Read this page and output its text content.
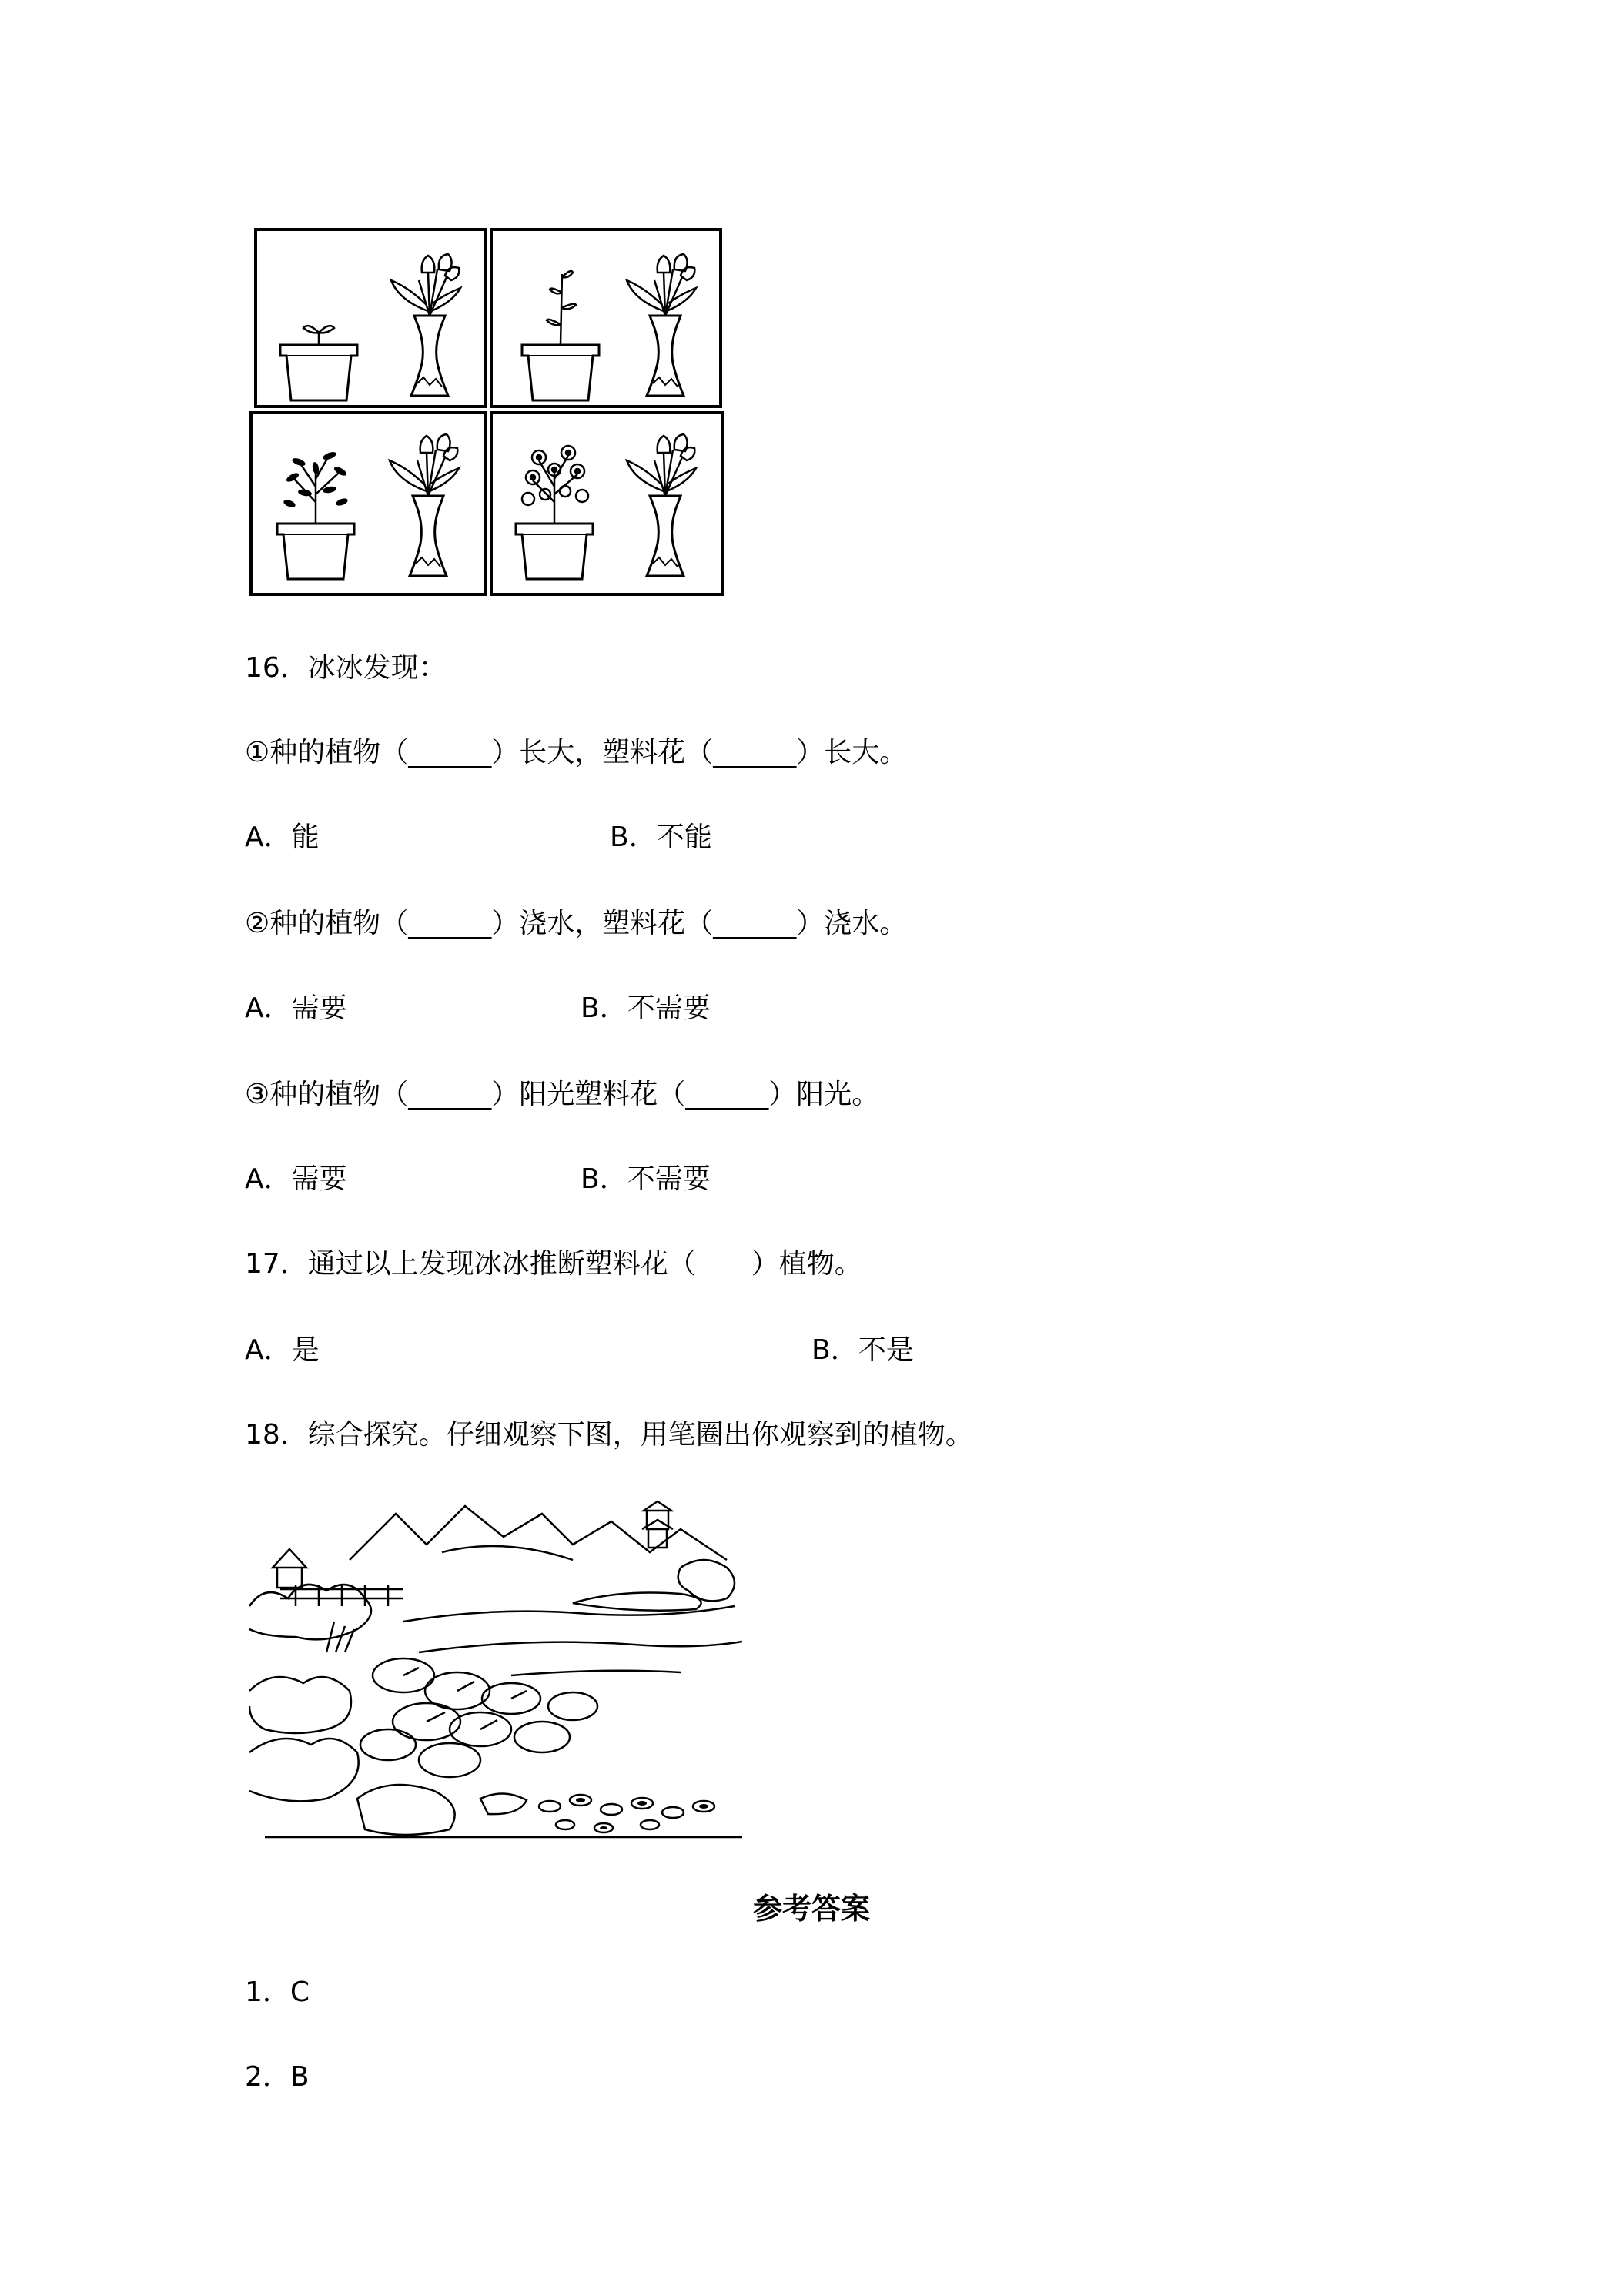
16．冰冰发现：
①种的植物（______）长大，塑料花（______）长大。
A．能	B．不能
②种的植物（______）浇水，塑料花（______）浇水。
A．需要	B．不需要
③种的植物（______）阳光塑料花（______）阳光。
A．需要	B．不需要
17．通过以上发现冰冰推断塑料花（　　）植物。
A．是	B．不是
18．综合探究。仔细观察下图，用笔圈出你观察到的植物。
参考答案
1．C
2．B
